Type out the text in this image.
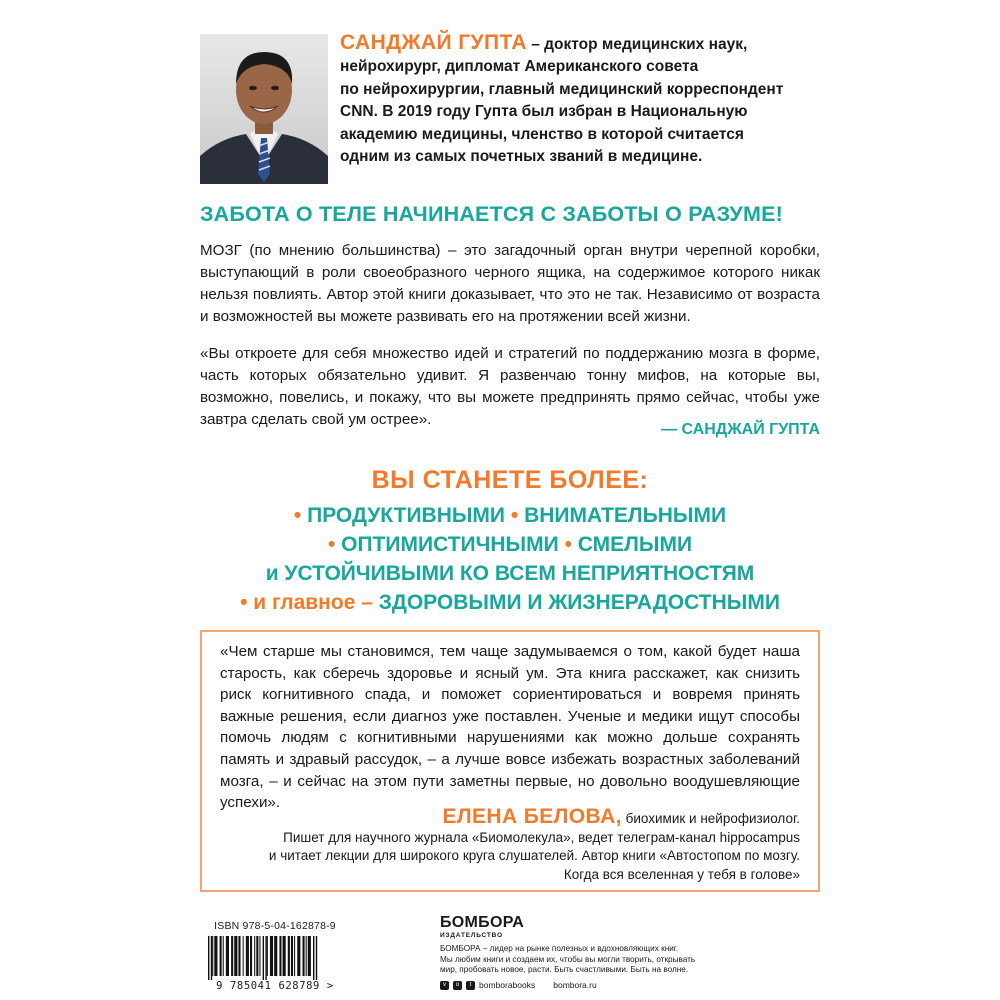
САНДЖАЙ ГУПТА – доктор медицинских наук,
нейрохирург, диплом​ат Американского совета
по нейрохирургии, главный медицинский корреспондент
CNN. В 2019 году Гупта был избран в Национальную
академию медицины, членство в которой считается
одним из самых почетных званий в медицине.
ЗАБОТА О ТЕЛЕ НАЧИНАЕТСЯ С ЗАБОТЫ О РАЗУМЕ!
МОЗГ (по мнению большинства) – это загадочный орган внутри черепной коробки, выступающий в роли своеобразного черного ящика, на содержимое которого никак нельзя повлиять. Автор этой книги доказывает, что это не так. Независимо от возраста и возможностей вы можете развивать его на протяжении всей жизни.
«Вы откроете для себя множество идей и стратегий по поддержанию мозга в форме, часть которых обязательно удивит. Я развенчаю тонну мифов, на которые вы, возможно, повелись, и покажу, что вы можете предпринять прямо сейчас, чтобы уже завтра сделать свой ум острее».
— САНДЖАЙ ГУПТА
ВЫ СТАНЕТЕ БОЛЕЕ:
• ПРОДУКТИВНЫМИ • ВНИМАТЕЛЬНЫМИ
• ОПТИМИСТИЧНЫМИ • СМЕЛЫМИ
и УСТОЙЧИВЫМИ КО ВСЕМ НЕПРИЯТНОСТЯМ
• и главное – ЗДОРОВЫМИ И ЖИЗНЕРАДОСТНЫМИ
«Чем старше мы становимся, тем чаще задумываемся о том, какой будет наша старость, как сберечь здоровье и ясный ум. Эта книга расскажет, как снизить риск когнитивного спада, и поможет сориентироваться и вовремя принять важные решения, если диагноз уже поставлен. Ученые и медики ищут способы помочь людям с когнитивными нарушениями как можно дольше сохранять память и здравый рассудок, – а лучше вовсе избежать возрастных заболеваний мозга, – и сейчас на этом пути заметны первые, но довольно воодушевляющие успехи».
ЕЛЕНА БЕЛОВА, биохимик и нейрофизиолог.
Пишет для научного журнала «Биомолекула», ведет телеграм-канал hippocampus
и читает лекции для широкого круга слушателей. Автор книги «Автостопом по мозгу.
Когда вся вселенная у тебя в голове»
ISBN 978-5-04-162878-9
9 785041 628789 >
БОМБОРА
ИЗДАТЕЛЬСТВО
БОМБОРА – лидер на рынке полезных и вдохновляющих книг.
Мы любим книги и создаем их, чтобы вы могли творить, открывать
мир, пробовать новое, расти. Быть счастливыми. Быть на волне.
v	o	t bomborabooks bombora.ru
